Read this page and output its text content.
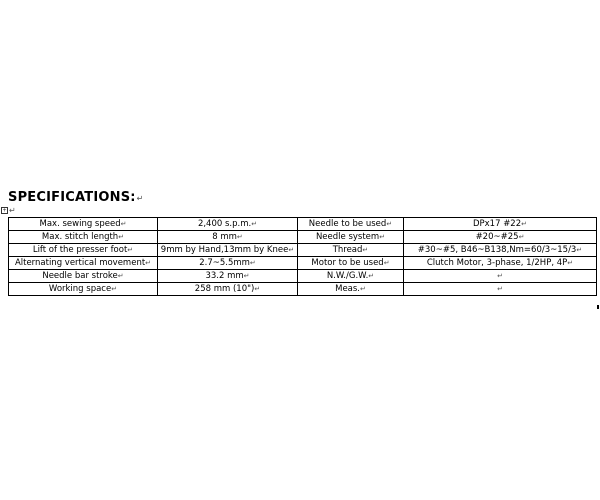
SPECIFICATIONS:↵
+ ↵
Max. sewing speed↵	2,400 s.p.m.↵	Needle to be used↵	DPx17 #22↵
Max. stitch length↵	8 mm↵	Needle system↵	#20~#25↵
Lift of the presser foot↵	9mm by Hand,13mm by Knee↵	Thread↵	#30~#5, B46~B138,Nm=60/3~15/3↵
Alternating vertical movement↵	2.7~5.5mm↵	Motor to be used↵	Clutch Motor, 3-phase, 1/2HP, 4P↵
Needle bar stroke↵	33.2 mm↵	N.W./G.W.↵	↵
Working space↵	258 mm (10")↵	Meas.↵	↵
